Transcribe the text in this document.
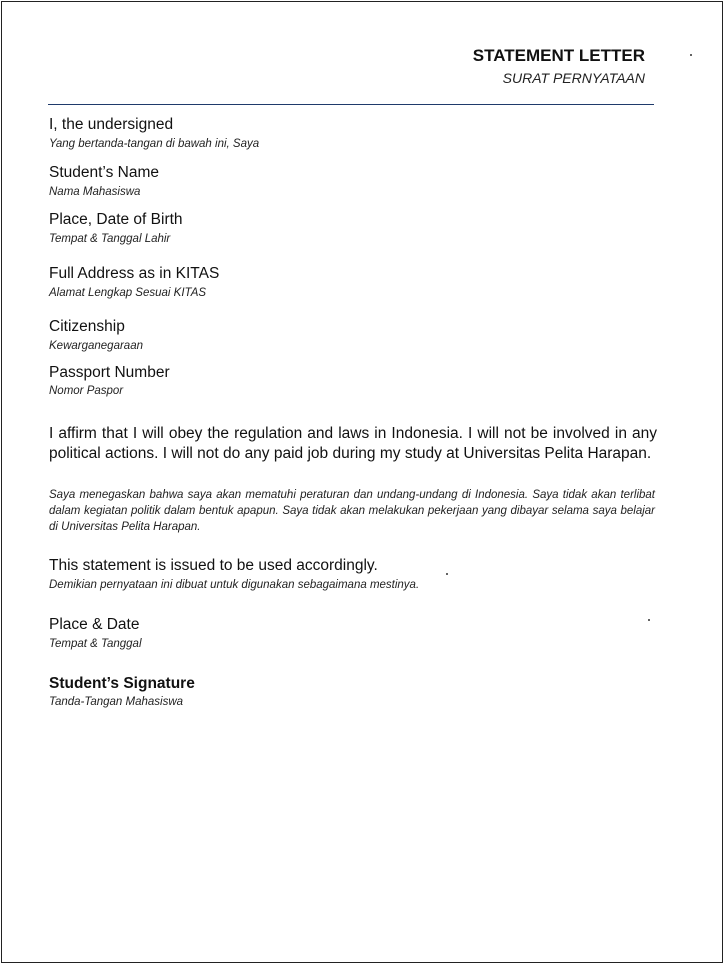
STATEMENT LETTER
SURAT PERNYATAAN
I, the undersigned
Yang bertanda-tangan di bawah ini, Saya
Student’s Name
Nama Mahasiswa
Place, Date of Birth
Tempat & Tanggal Lahir
Full Address as in KITAS
Alamat Lengkap Sesuai KITAS
Citizenship
Kewarganegaraan
Passport Number
Nomor Paspor
I affirm that I will obey the regulation and laws in Indonesia. I will not be involved in any political actions. I will not do any paid job during my study at Universitas Pelita Harapan.
Saya menegaskan bahwa saya akan mematuhi peraturan dan undang-undang di Indonesia. Saya tidak akan terlibat dalam kegiatan politik dalam bentuk apapun. Saya tidak akan melakukan pekerjaan yang dibayar selama saya belajar di Universitas Pelita Harapan.
This statement is issued to be used accordingly.
Demikian pernyataan ini dibuat untuk digunakan sebagaimana mestinya.
Place & Date
Tempat & Tanggal
Student’s Signature
Tanda-Tangan Mahasiswa
